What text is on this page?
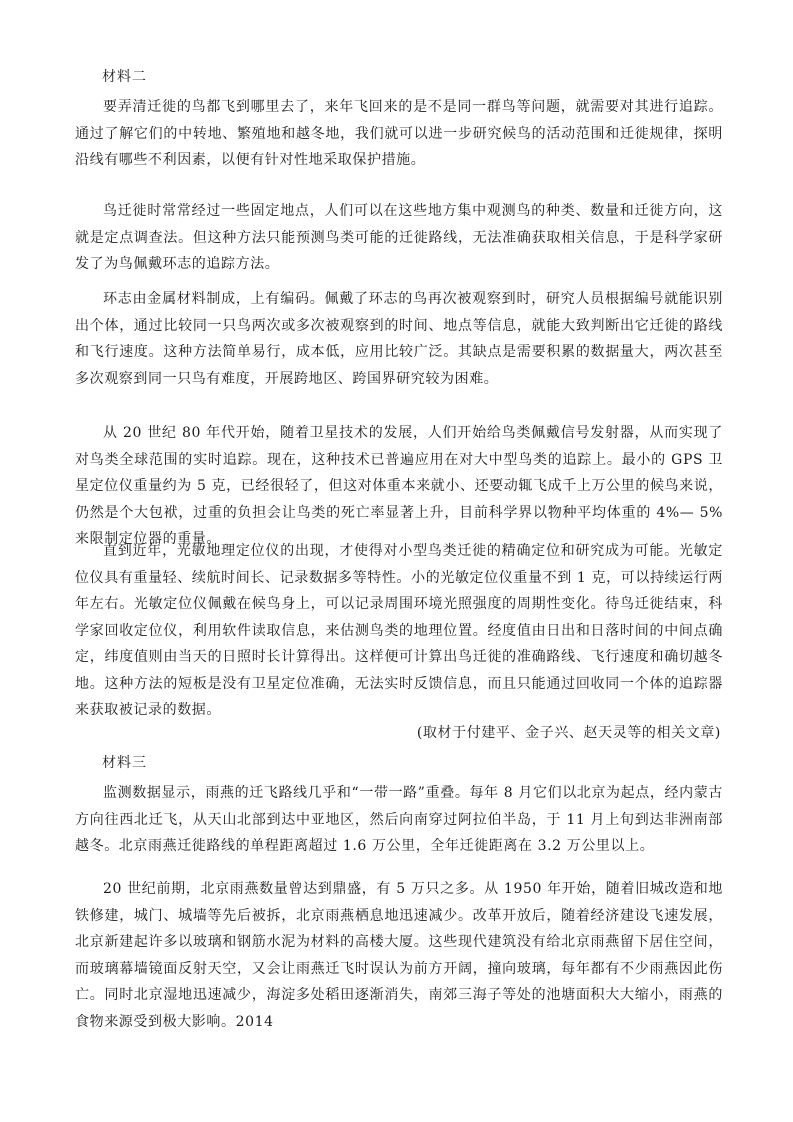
材料二
要弄清迁徙的鸟都飞到哪里去了，来年飞回来的是不是同一群鸟等问题，就需要对其进行追踪。通过了解它们的中转地、繁殖地和越冬地，我们就可以进一步研究候鸟的活动范围和迁徙规律，探明沿线有哪些不利因素，以便有针对性地采取保护措施。
鸟迁徙时常常经过一些固定地点，人们可以在这些地方集中观测鸟的种类、数量和迁徙方向，这就是定点调查法。但这种方法只能预测鸟类可能的迁徙路线，无法准确获取相关信息，于是科学家研发了为鸟佩戴环志的追踪方法。
环志由金属材料制成，上有编码。佩戴了环志的鸟再次被观察到时，研究人员根据编号就能识别出个体，通过比较同一只鸟两次或多次被观察到的时间、地点等信息，就能大致判断出它迁徙的路线和飞行速度。这种方法简单易行，成本低，应用比较广泛。其缺点是需要积累的数据量大，两次甚至多次观察到同一只鸟有难度，开展跨地区、跨国界研究较为困难。
从 20 世纪 80 年代开始，随着卫星技术的发展，人们开始给鸟类佩戴信号发射器，从而实现了对鸟类全球范围的实时追踪。现在，这种技术已普遍应用在对大中型鸟类的追踪上。最小的 GPS 卫星定位仪重量约为 5 克，已经很轻了，但这对体重本来就小、还要动辄飞成千上万公里的候鸟来说，仍然是个大包袱，过重的负担会让鸟类的死亡率显著上升，目前科学界以物种平均体重的 4%— 5%来限制定位器的重量。
直到近年，光敏地理定位仪的出现，才使得对小型鸟类迁徙的精确定位和研究成为可能。光敏定位仪具有重量轻、续航时间长、记录数据多等特性。小的光敏定位仪重量不到 1 克，可以持续运行两年左右。光敏定位仪佩戴在候鸟身上，可以记录周围环境光照强度的周期性变化。待鸟迁徙结束，科学家回收定位仪，利用软件读取信息，来估测鸟类的地理位置。经度值由日出和日落时间的中间点确定，纬度值则由当天的日照时长计算得出。这样便可计算出鸟迁徙的准确路线、飞行速度和确切越冬地。这种方法的短板是没有卫星定位准确，无法实时反馈信息，而且只能通过回收同一个体的追踪器来获取被记录的数据。
(取材于付建平、金子兴、赵天灵等的相关文章)
材料三
监测数据显示，雨燕的迁飞路线几乎和“一带一路”重叠。每年 8 月它们以北京为起点，经内蒙古方向往西北迁飞，从天山北部到达中亚地区，然后向南穿过阿拉伯半岛，于 11 月上旬到达非洲南部越冬。北京雨燕迁徙路线的单程距离超过 1.6 万公里，全年迁徙距离在 3.2 万公里以上。
20 世纪前期，北京雨燕数量曾达到鼎盛，有 5 万只之多。从 1950 年开始，随着旧城改造和地铁修建，城门、城墙等先后被拆，北京雨燕栖息地迅速减少。改革开放后，随着经济建设飞速发展，北京新建起许多以玻璃和钢筋水泥为材料的高楼大厦。这些现代建筑没有给北京雨燕留下居住空间，而玻璃幕墙镜面反射天空，又会让雨燕迁飞时误认为前方开阔，撞向玻璃，每年都有不少雨燕因此伤亡。同时北京湿地迅速减少，海淀多处稻田逐渐消失，南郊三海子等处的池塘面积大大缩小，雨燕的食物来源受到极大影响。2014
